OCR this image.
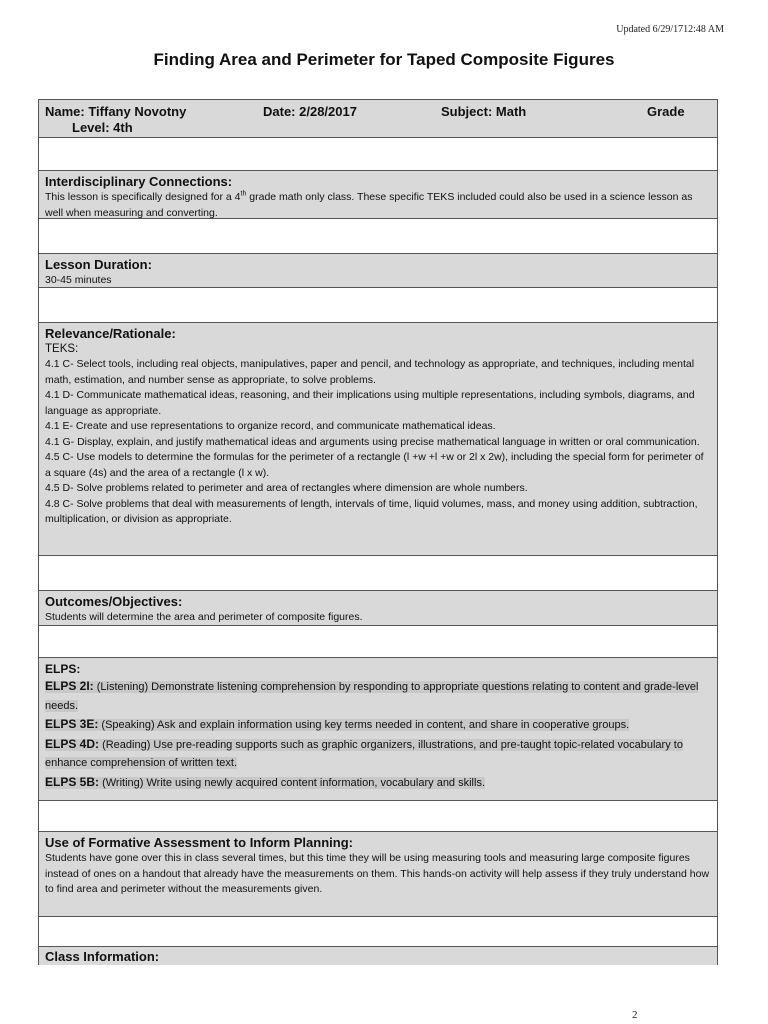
Updated 6/29/1712:48 AM
Finding Area and Perimeter for Taped Composite Figures
Name: Tiffany Novotny	Date: 2/28/2017	Subject: Math	Grade
Level: 4th
Interdisciplinary Connections:
This lesson is specifically designed for a 4th grade math only class. These specific TEKS included could also be used in a science lesson as well when measuring and converting.
Lesson Duration:
30-45 minutes
Relevance/Rationale:
TEKS:
4.1 C- Select tools, including real objects, manipulatives, paper and pencil, and technology as appropriate, and techniques, including mental math, estimation, and number sense as appropriate, to solve problems.
4.1 D- Communicate mathematical ideas, reasoning, and their implications using multiple representations, including symbols, diagrams, and language as appropriate.
4.1 E- Create and use representations to organize record, and communicate mathematical ideas.
4.1 G- Display, explain, and justify mathematical ideas and arguments using precise mathematical language in written or oral communication.
4.5 C- Use models to determine the formulas for the perimeter of a rectangle (l +w +l +w or 2l x 2w), including the special form for perimeter of a square (4s) and the area of a rectangle (l x w).
4.5 D- Solve problems related to perimeter and area of rectangles where dimension are whole numbers.
4.8 C- Solve problems that deal with measurements of length, intervals of time, liquid volumes, mass, and money using addition, subtraction, multiplication, or division as appropriate.
Outcomes/Objectives:
Students will determine the area and perimeter of composite figures.
ELPS:
ELPS 2I: (Listening) Demonstrate listening comprehension by responding to appropriate questions relating to content and grade-level needs.
ELPS 3E: (Speaking) Ask and explain information using key terms needed in content, and share in cooperative groups.
ELPS 4D: (Reading) Use pre-reading supports such as graphic organizers, illustrations, and pre-taught topic-related vocabulary to enhance comprehension of written text.
ELPS 5B: (Writing) Write using newly acquired content information, vocabulary and skills.
Use of Formative Assessment to Inform Planning:
Students have gone over this in class several times, but this time they will be using measuring tools and measuring large composite figures instead of ones on a handout that already have the measurements on them. This hands-on activity will help assess if they truly understand how to find area and perimeter without the measurements given.
Class Information:
2
